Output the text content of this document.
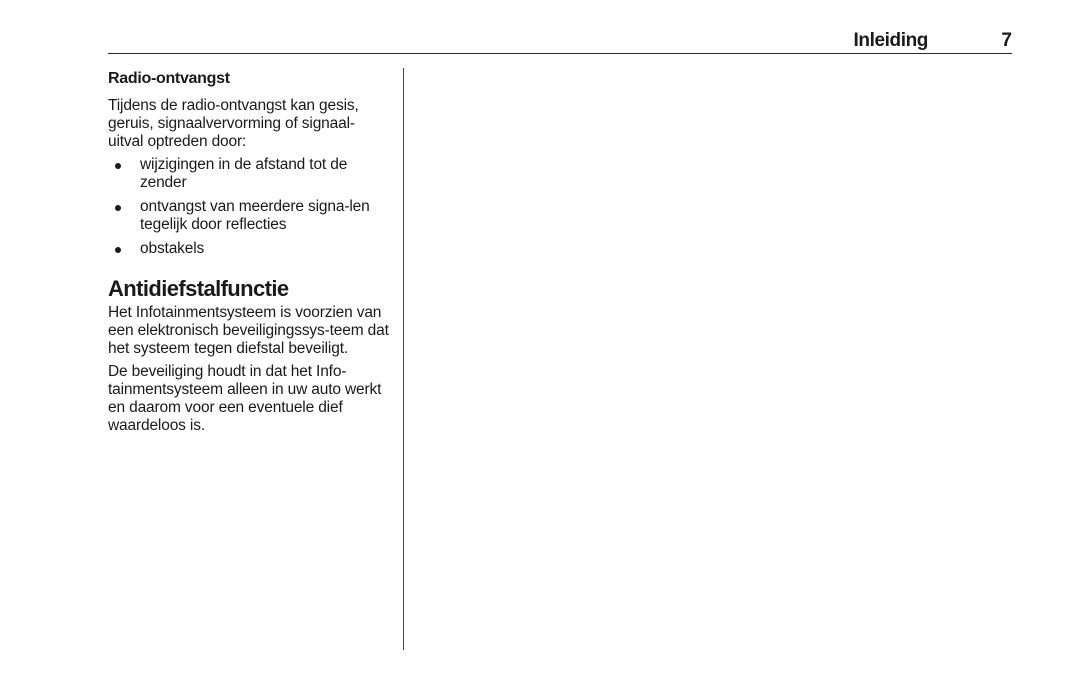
Inleiding	7
Radio-ontvangst

Tijdens de radio-ontvangst kan gesis, geruis, signaalvervorming of signaal-uitval optreden door:

wijzigingen in de afstand tot de zender
ontvangst van meerdere signa-len tegelijk door reflecties
obstakels
Antidiefstalfunctie

Het Infotainmentsysteem is voorzien van een elektronisch beveiligingssys-teem dat het systeem tegen diefstal beveiligt.

De beveiliging houdt in dat het Info-tainmentsysteem alleen in uw auto werkt en daarom voor een eventuele dief waardeloos is.
